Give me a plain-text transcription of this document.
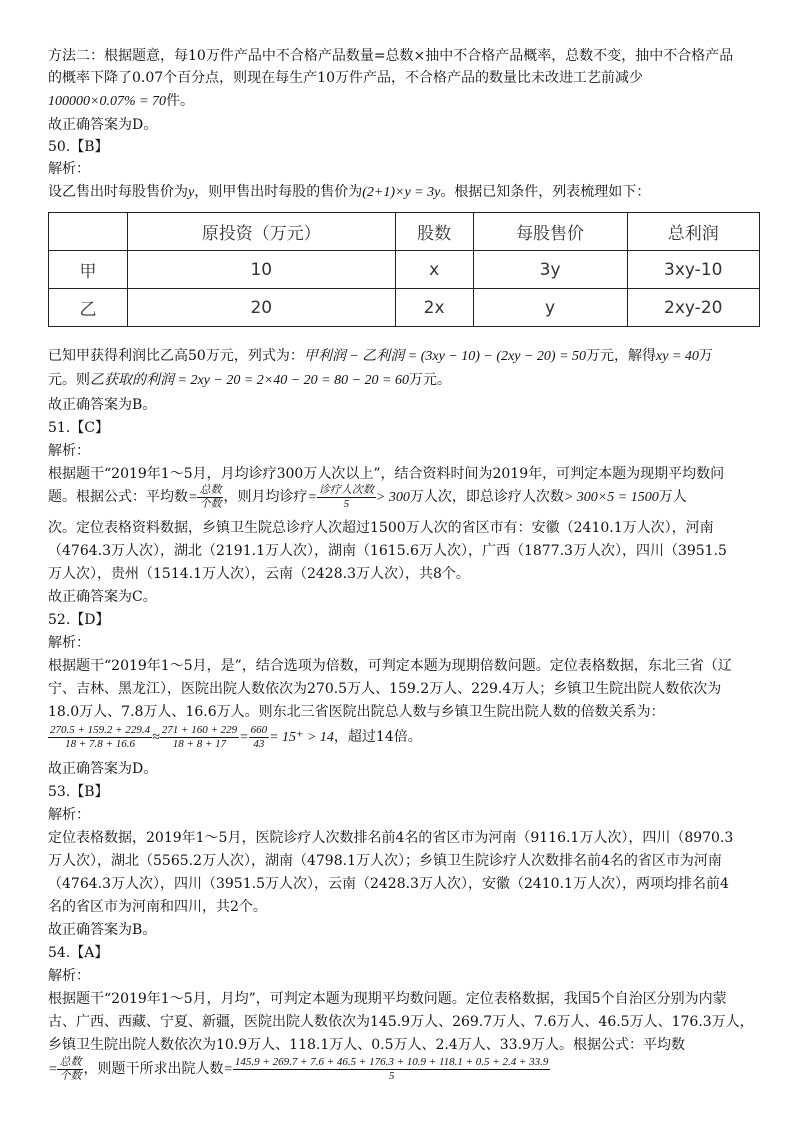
方法二：根据题意，每10万件产品中不合格产品数量=总数×抽中不合格产品概率，总数不变，抽中不合格产品
的概率下降了0.07个百分点，则现在每生产10万件产品，不合格产品的数量比未改进工艺前减少
100000×0.07% = 70件。
故正确答案为D。
50.【B】
解析：
设乙售出时每股售价为y，则甲售出时每股的售价为(2+1)×y = 3y。根据已知条件，列表梳理如下：
	原投资（万元）	股数	每股售价	总利润
甲	10	x	3y	3xy-10
乙	20	2x	y	2xy-20
已知甲获得利润比乙高50万元，列式为：甲利润 − 乙利润 = (3xy − 10) − (2xy − 20) = 50万元，解得xy = 40万
元。则乙获取的利润 = 2xy − 20 = 2×40 − 20 = 80 − 20 = 60万元。
故正确答案为B。
51.【C】
解析：
根据题干“2019年1～5月，月均诊疗300万人次以上”，结合资料时间为2019年，可判定本题为现期平均数问
题。根据公式：平均数= $\frac{\text{总数}}{\text{个数}}$ ，则月均诊疗= $\frac{\text{诊疗人次数}}{5} > 300$万人次，即总诊疗人次数> 300×5 = 1500万人
次。定位表格资料数据，乡镇卫生院总诊疗人次超过1500万人次的省区市有：安徽（2410.1万人次），河南
（4764.3万人次），湖北（2191.1万人次），湖南（1615.6万人次），广西（1877.3万人次），四川（3951.5
万人次），贵州（1514.1万人次），云南（2428.3万人次），共8个。
故正确答案为C。
52.【D】
解析：
根据题干“2019年1～5月，是”，结合选项为倍数，可判定本题为现期倍数问题。定位表格数据，东北三省（辽
宁、吉林、黑龙江），医院出院人数依次为270.5万人、159.2万人、229.4万人；乡镇卫生院出院人数依次为
18.0万人、7.8万人、16.6万人。则东北三省医院出院总人数与乡镇卫生院出院人数的倍数关系为：
$\frac{270.5 + 159.2 + 229.4}{18 + 7.8 + 16.6} \approx \frac{271 + 160 + 229}{18 + 8 + 17} = \frac{660}{43} = 15^+ > 14$，超过14倍。
故正确答案为D。
53.【B】
解析：
定位表格数据，2019年1～5月，医院诊疗人次数排名前4名的省区市为河南（9116.1万人次），四川（8970.3
万人次），湖北（5565.2万人次），湖南（4798.1万人次）；乡镇卫生院诊疗人次数排名前4名的省区市为河南
（4764.3万人次），四川（3951.5万人次），云南（2428.3万人次），安徽（2410.1万人次），两项均排名前4
名的省区市为河南和四川，共2个。
故正确答案为B。
54.【A】
解析：
根据题干“2019年1～5月，月均”，可判定本题为现期平均数问题。定位表格数据，我国5个自治区分别为内蒙
古、广西、西藏、宁夏、新疆，医院出院人数依次为145.9万人、269.7万人、7.6万人、46.5万人、176.3万人，
乡镇卫生院出院人数依次为10.9万人、118.1万人、0.5万人、2.4万人、33.9万人。根据公式：平均数
= $\frac{\text{总数}}{\text{个数}}$ ，则题干所求出院人数=
145.9 + 269.7 + 7.6 + 46.5 + 176.3 + 10.9 + 118.1 + 0.5 + 2.4 + 33.9
5
